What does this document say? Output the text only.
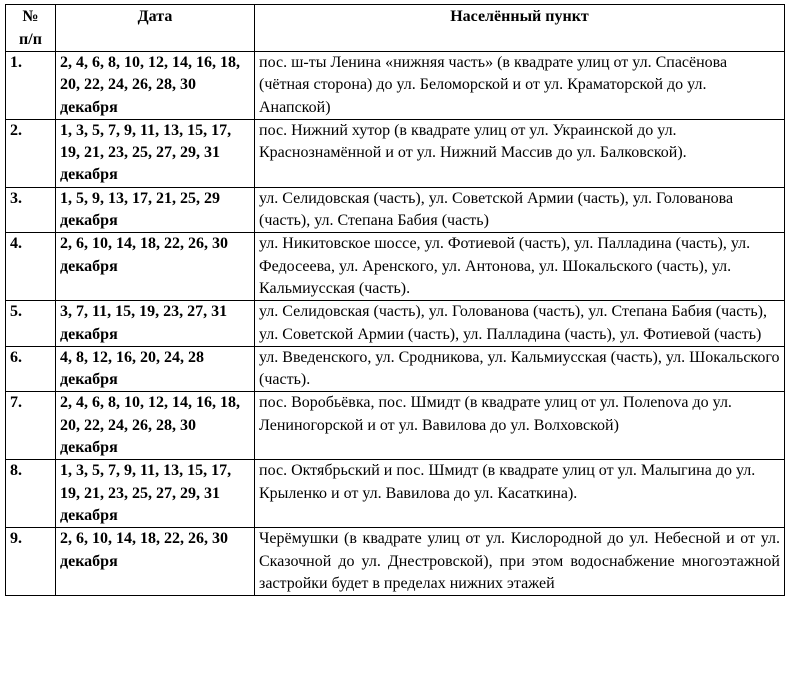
№
п/п	Дата	Населённый пункт
1.	2, 4, 6, 8, 10, 12, 14, 16, 18, 20, 22, 24, 26, 28, 30 декабря	пос. ш-ты Ленина «нижняя часть» (в квадрате улиц от ул. Спасёнова (чётная сторона) до ул. Беломорской и от ул. Краматорской до ул. Анапской)
2.	1, 3, 5, 7, 9, 11, 13, 15, 17, 19, 21, 23, 25, 27, 29, 31 декабря	пос. Нижний хутор (в квадрате улиц от ул. Украинской до ул. Краснознамённой и от ул. Нижний Массив до ул. Балковской).
3.	1, 5, 9, 13, 17, 21, 25, 29 декабря	ул. Селидовская (часть), ул. Советской Армии (часть), ул. Голованова (часть), ул. Степана Бабия (часть)
4.	2, 6, 10, 14, 18, 22, 26, 30 декабря	ул. Никитовское шоссе, ул. Фотиевой (часть), ул. Палладина (часть), ул. Федосеева, ул. Аренского, ул. Антонова, ул. Шокальского (часть), ул. Кальмиусская (часть).
5.	3, 7, 11, 15, 19, 23, 27, 31 декабря	ул. Селидовская (часть), ул. Голованова (часть), ул. Степана Бабия (часть), ул. Советской Армии (часть), ул. Палладина (часть), ул. Фотиевой (часть)
6.	4, 8, 12, 16, 20, 24, 28 декабря	ул. Введенского, ул. Сродникова, ул. Кальмиусская (часть), ул. Шокальского (часть).
7.	2, 4, 6, 8, 10, 12, 14, 16, 18, 20, 22, 24, 26, 28, 30 декабря	пос. Воробьёвка, пос. Шмидт (в квадрате улиц от ул. Полenova до ул. Лениногорской и от ул. Вавилова до ул. Волховской)
8.	1, 3, 5, 7, 9, 11, 13, 15, 17, 19, 21, 23, 25, 27, 29, 31 декабря	пос. Октябрьский и пос. Шмидт (в квадрате улиц от ул. Малыгина до ул. Крыленко и от ул. Вавилова до ул. Касаткина).
9.	2, 6, 10, 14, 18, 22, 26, 30 декабря	Черёмушки (в квадрате улиц от ул. Кислородной до ул. Небесной и от ул. Сказочной до ул. Днестровской), при этом водоснабжение многоэтажной застройки будет в пределах нижних этажей
